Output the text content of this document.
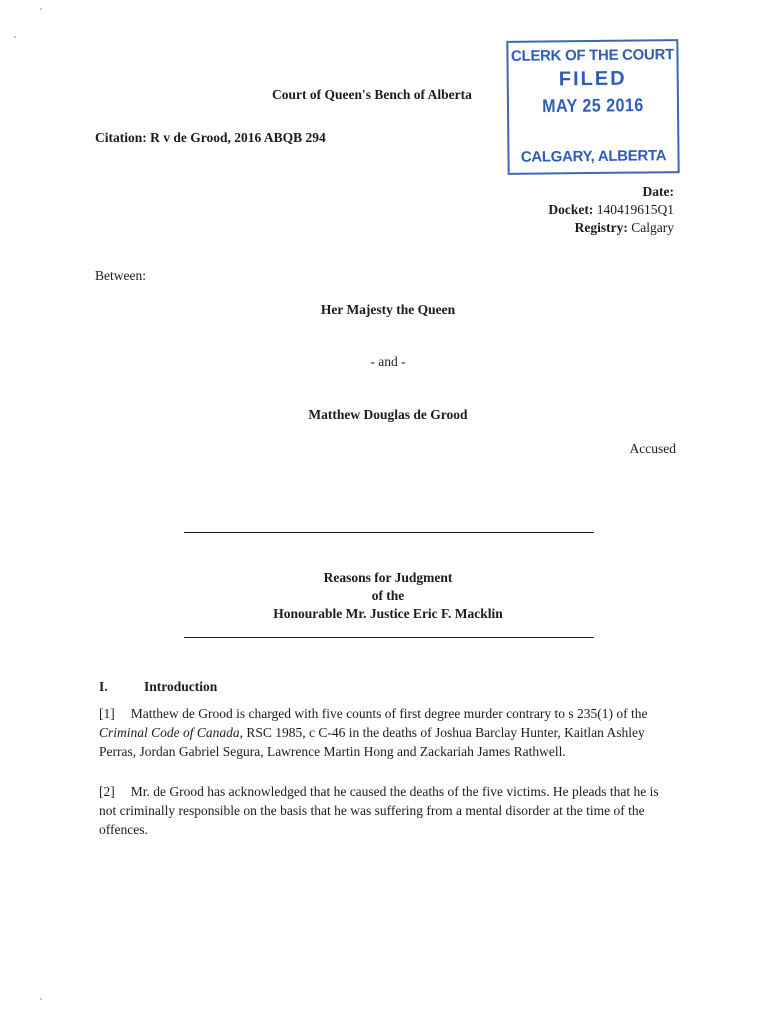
CLERK OF THE COURT
FILED
MAY 25 2016
CALGARY, ALBERTA
Court of Queen's Bench of Alberta
Citation: R v de Grood, 2016 ABQB 294
Date:
Docket: 140419615Q1
Registry: Calgary
Between:
Her Majesty the Queen
- and -
Matthew Douglas de Grood
Accused
Reasons for Judgment
of the
Honourable Mr. Justice Eric F. Macklin
I.	Introduction
[1] Matthew de Grood is charged with five counts of first degree murder contrary to s 235(1) of the Criminal Code of Canada, RSC 1985, c C-46 in the deaths of Joshua Barclay Hunter, Kaitlan Ashley Perras, Jordan Gabriel Segura, Lawrence Martin Hong and Zackariah James Rathwell.
[2] Mr. de Grood has acknowledged that he caused the deaths of the five victims. He pleads that he is not criminally responsible on the basis that he was suffering from a mental disorder at the time of the offences.
